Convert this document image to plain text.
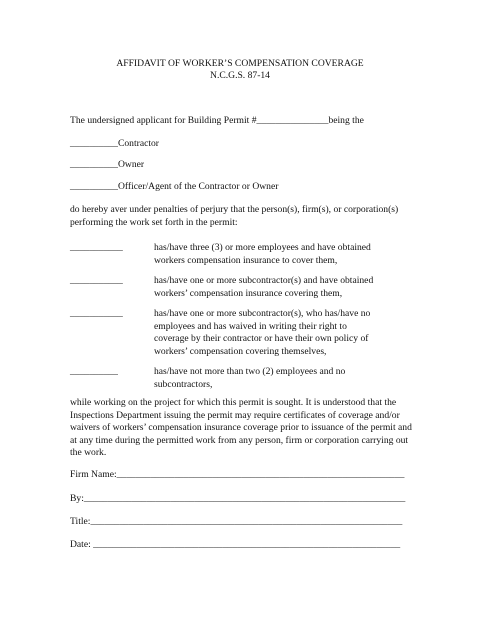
AFFIDAVIT OF WORKER’S COMPENSATION COVERAGE
N.C.G.S. 87-14
The undersigned applicant for Building Permit #_______________being the
__________Contractor
__________Owner
__________Officer/Agent of the Contractor or Owner
do hereby aver under penalties of perjury that the person(s), firm(s), or corporation(s) performing the work set forth in the permit:
___________	has/have three (3) or more employees and have obtained workers compensation insurance to cover them,
___________	has/have one or more subcontractor(s) and have obtained workers’ compensation insurance covering them,
___________	has/have one or more subcontractor(s), who has/have no employees and has waived in writing their right to coverage by their contractor or have their own policy of workers’ compensation covering themselves,
__________	has/have not more than two (2) employees and no subcontractors,
while working on the project for which this permit is sought. It is understood that the Inspections Department issuing the permit may require certificates of coverage and/or waivers of workers’ compensation insurance coverage prior to issuance of the permit and at any time during the permitted work from any person, firm or corporation carrying out the work.
Firm Name:____________________________________________________________
By:___________________________________________________________________
Title:_________________________________________________________________
Date: ________________________________________________________________
